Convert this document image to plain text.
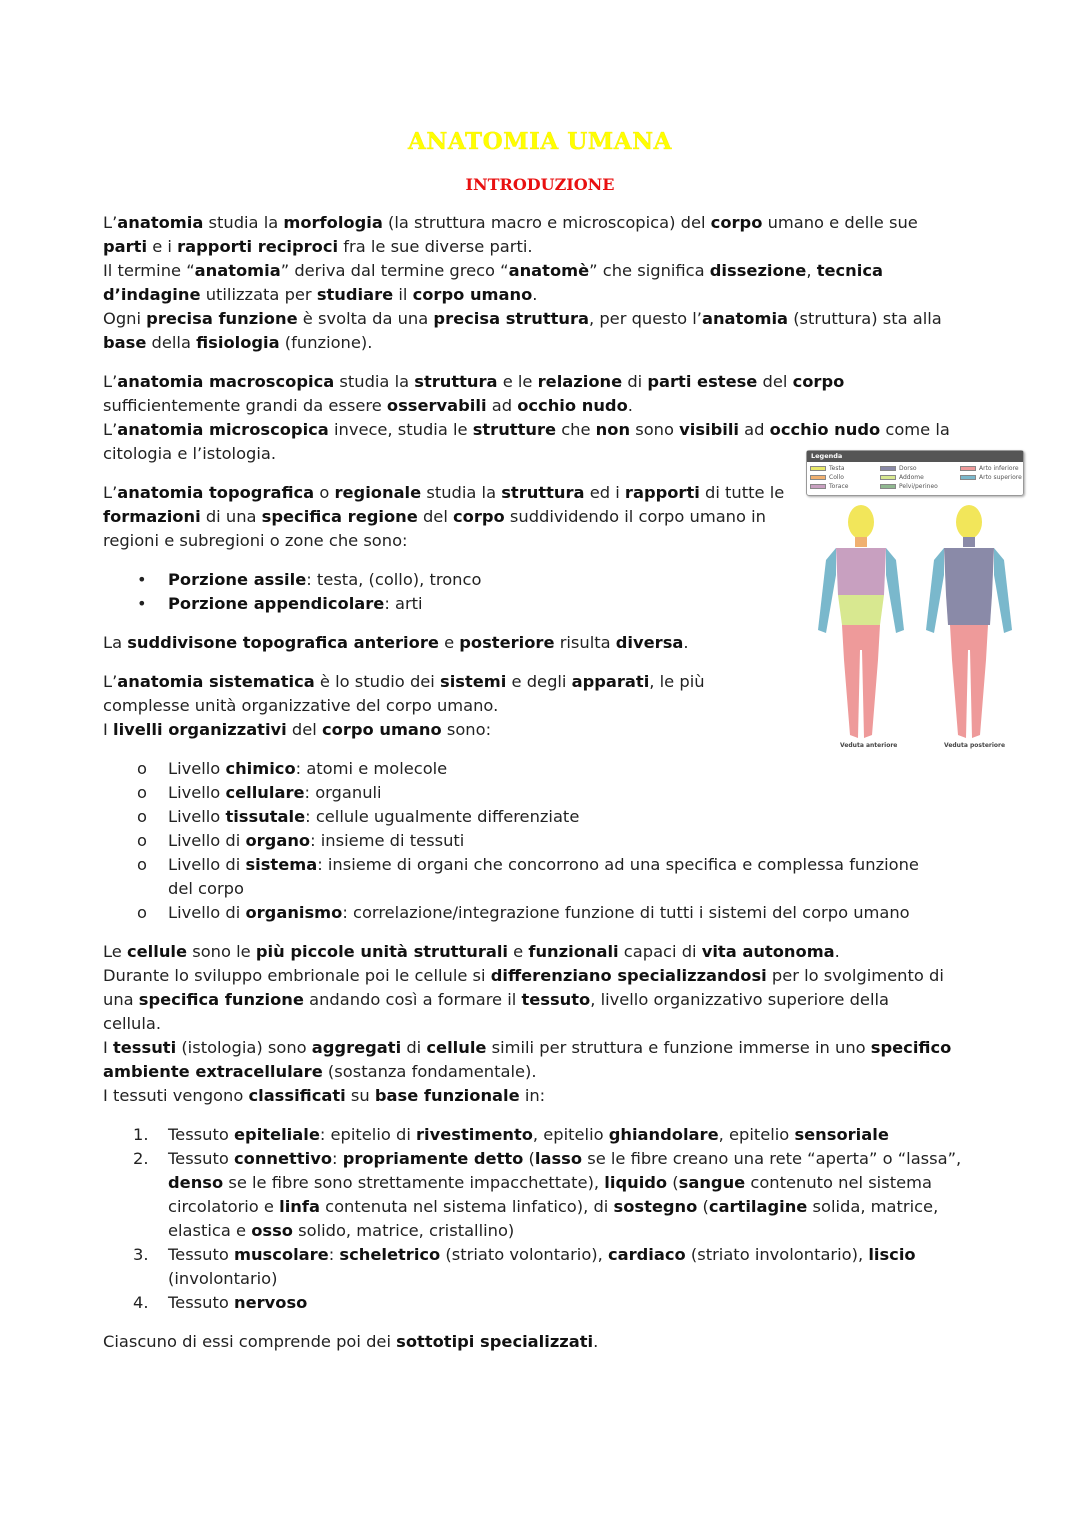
ANATOMIA UMANA
INTRODUZIONE

L’anatomia studia la morfologia (la struttura macro e microscopica) del corpo umano e delle sue
parti e i rapporti reciproci fra le sue diverse parti.
Il termine “anatomia” deriva dal termine greco “anatomè” che significa dissezione, tecnica
d’indagine utilizzata per studiare il corpo umano.
Ogni precisa funzione è svolta da una precisa struttura, per questo l’anatomia (struttura) sta alla
base della fisiologia (funzione).

L’anatomia macroscopica studia la struttura e le relazione di parti estese del corpo
sufficientemente grandi da essere osservabili ad occhio nudo.
L’anatomia microscopica invece, studia le strutture che non sono visibili ad occhio nudo come la
citologia e l’istologia.

L’anatomia topografica o regionale studia la struttura ed i rapporti di tutte le
formazioni di una specifica regione del corpo suddividendo il corpo umano in
regioni e subregioni o zone che sono:

• Porzione assile: testa, (collo), tronco
• Porzione appendicolare: arti

La suddivisone topografica anteriore e posteriore risulta diversa.

L’anatomia sistematica è lo studio dei sistemi e degli apparati, le più
complesse unità organizzative del corpo umano.
I livelli organizzativi del corpo umano sono:

o Livello chimico: atomi e molecole
o Livello cellulare: organuli
o Livello tissutale: cellule ugualmente differenziate
o Livello di organo: insieme di tessuti
o Livello di sistema: insieme di organi che concorrono ad una specifica e complessa funzione
del corpo
o Livello di organismo: correlazione/integrazione funzione di tutti i sistemi del corpo umano

Le cellule sono le più piccole unità strutturali e funzionali capaci di vita autonoma.
Durante lo sviluppo embrionale poi le cellule si differenziano specializzandosi per lo svolgimento di
una specifica funzione andando così a formare il tessuto, livello organizzativo superiore della
cellula.
I tessuti (istologia) sono aggregati di cellule simili per struttura e funzione immerse in uno specifico
ambiente extracellulare (sostanza fondamentale).
I tessuti vengono classificati su base funzionale in:

1. Tessuto epiteliale: epitelio di rivestimento, epitelio ghiandolare, epitelio sensoriale
2. Tessuto connettivo: propriamente detto (lasso se le fibre creano una rete “aperta” o “lassa”,
denso se le fibre sono strettamente impacchettate), liquido (sangue contenuto nel sistema
circolatorio e linfa contenuta nel sistema linfatico), di sostegno (cartilagine solida, matrice,
elastica e osso solido, matrice, cristallino)
3. Tessuto muscolare: scheletrico (striato volontario), cardiaco (striato involontario), liscio
(involontario)
4. Tessuto nervoso

Ciascuno di essi comprende poi dei sottotipi specializzati.

Legenda
Testa	Dorso	Arto inferiore
Collo	Addome	Arto superiore
Torace	Pelvi/perineo
Veduta anteriore	Veduta posteriore
